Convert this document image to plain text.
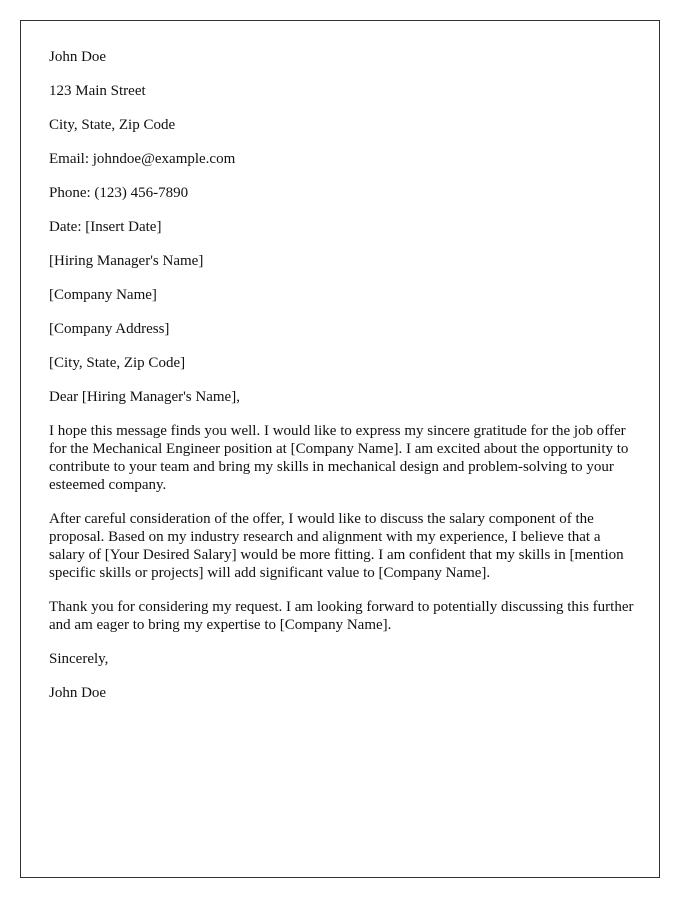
John Doe

123 Main Street

City, State, Zip Code

Email: johndoe@example.com

Phone: (123) 456-7890

Date: [Insert Date]

[Hiring Manager's Name]

[Company Name]

[Company Address]

[City, State, Zip Code]

Dear [Hiring Manager's Name],

I hope this message finds you well. I would like to express my sincere gratitude for the job offer for the Mechanical Engineer position at [Company Name]. I am excited about the opportunity to contribute to your team and bring my skills in mechanical design and problem-solving to your esteemed company.

After careful consideration of the offer, I would like to discuss the salary component of the proposal. Based on my industry research and alignment with my experience, I believe that a salary of [Your Desired Salary] would be more fitting. I am confident that my skills in [mention specific skills or projects] will add significant value to [Company Name].

Thank you for considering my request. I am looking forward to potentially discussing this further and am eager to bring my expertise to [Company Name].

Sincerely,

John Doe
